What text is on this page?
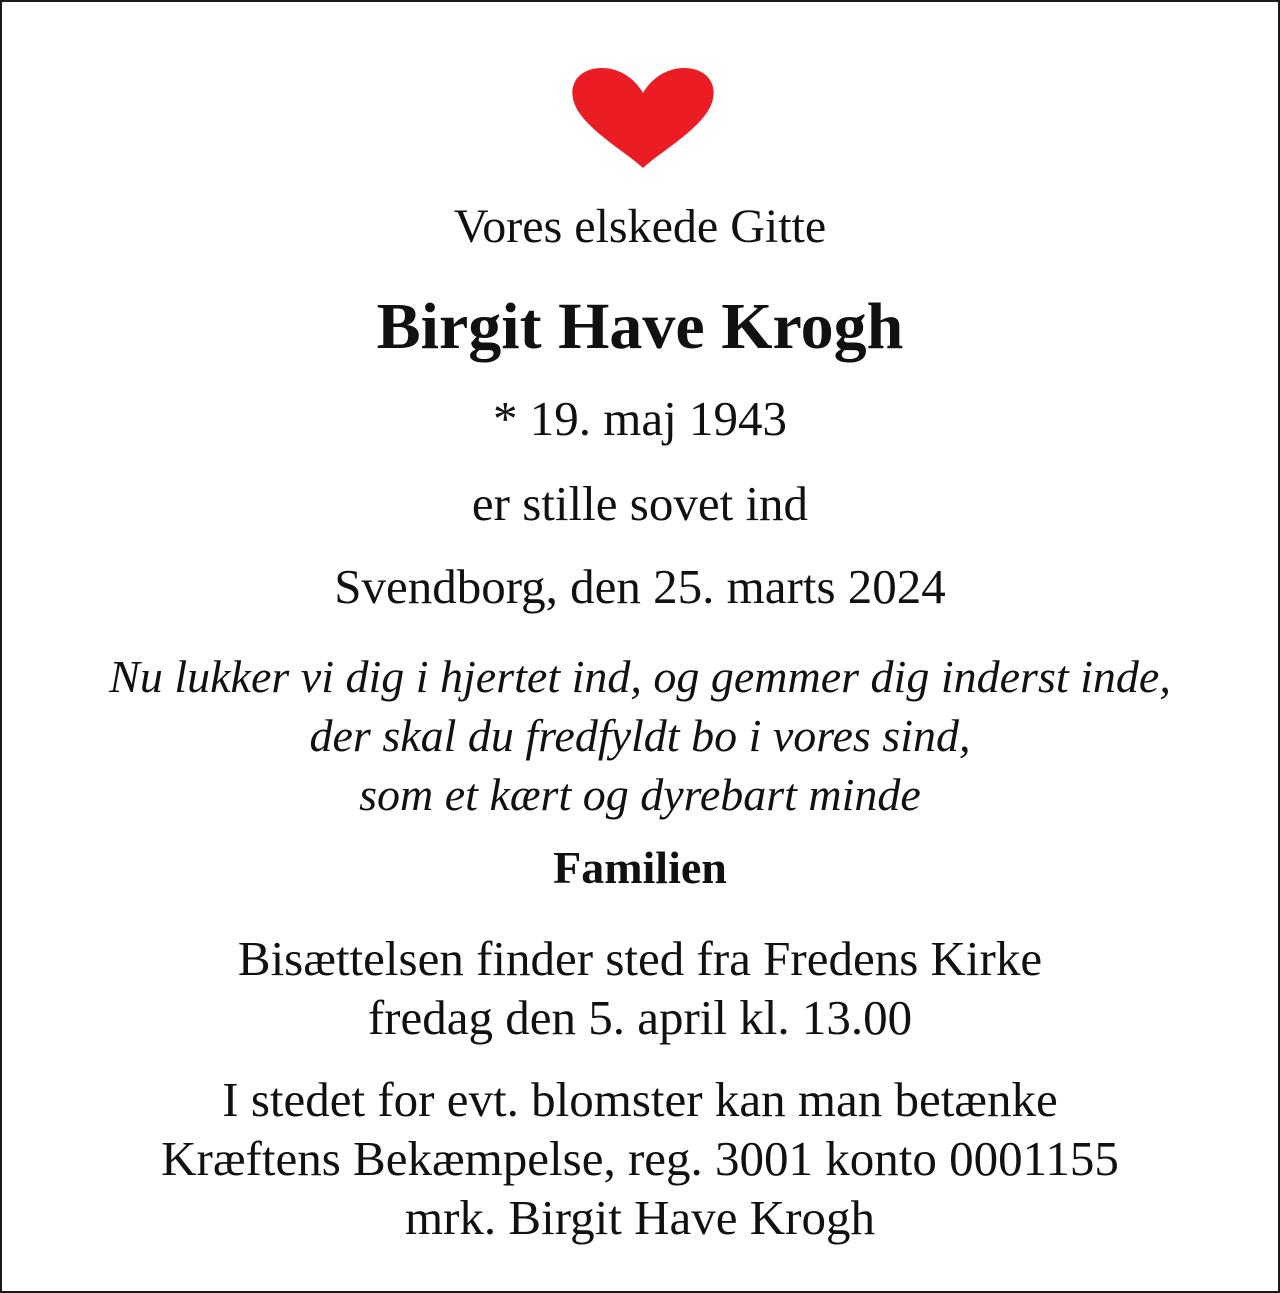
Vores elskede Gitte
Birgit Have Krogh
* 19. maj 1943
er stille sovet ind
Svendborg, den 25. marts 2024
Nu lukker vi dig i hjertet ind, og gemmer dig inderst inde,
der skal du fredfyldt bo i vores sind,
som et kært og dyrebart minde
Familien
Bisættelsen finder sted fra Fredens Kirke
fredag den 5. april kl. 13.00
I stedet for evt. blomster kan man betænke
Kræftens Bekæmpelse, reg. 3001 konto 0001155
mrk. Birgit Have Krogh
